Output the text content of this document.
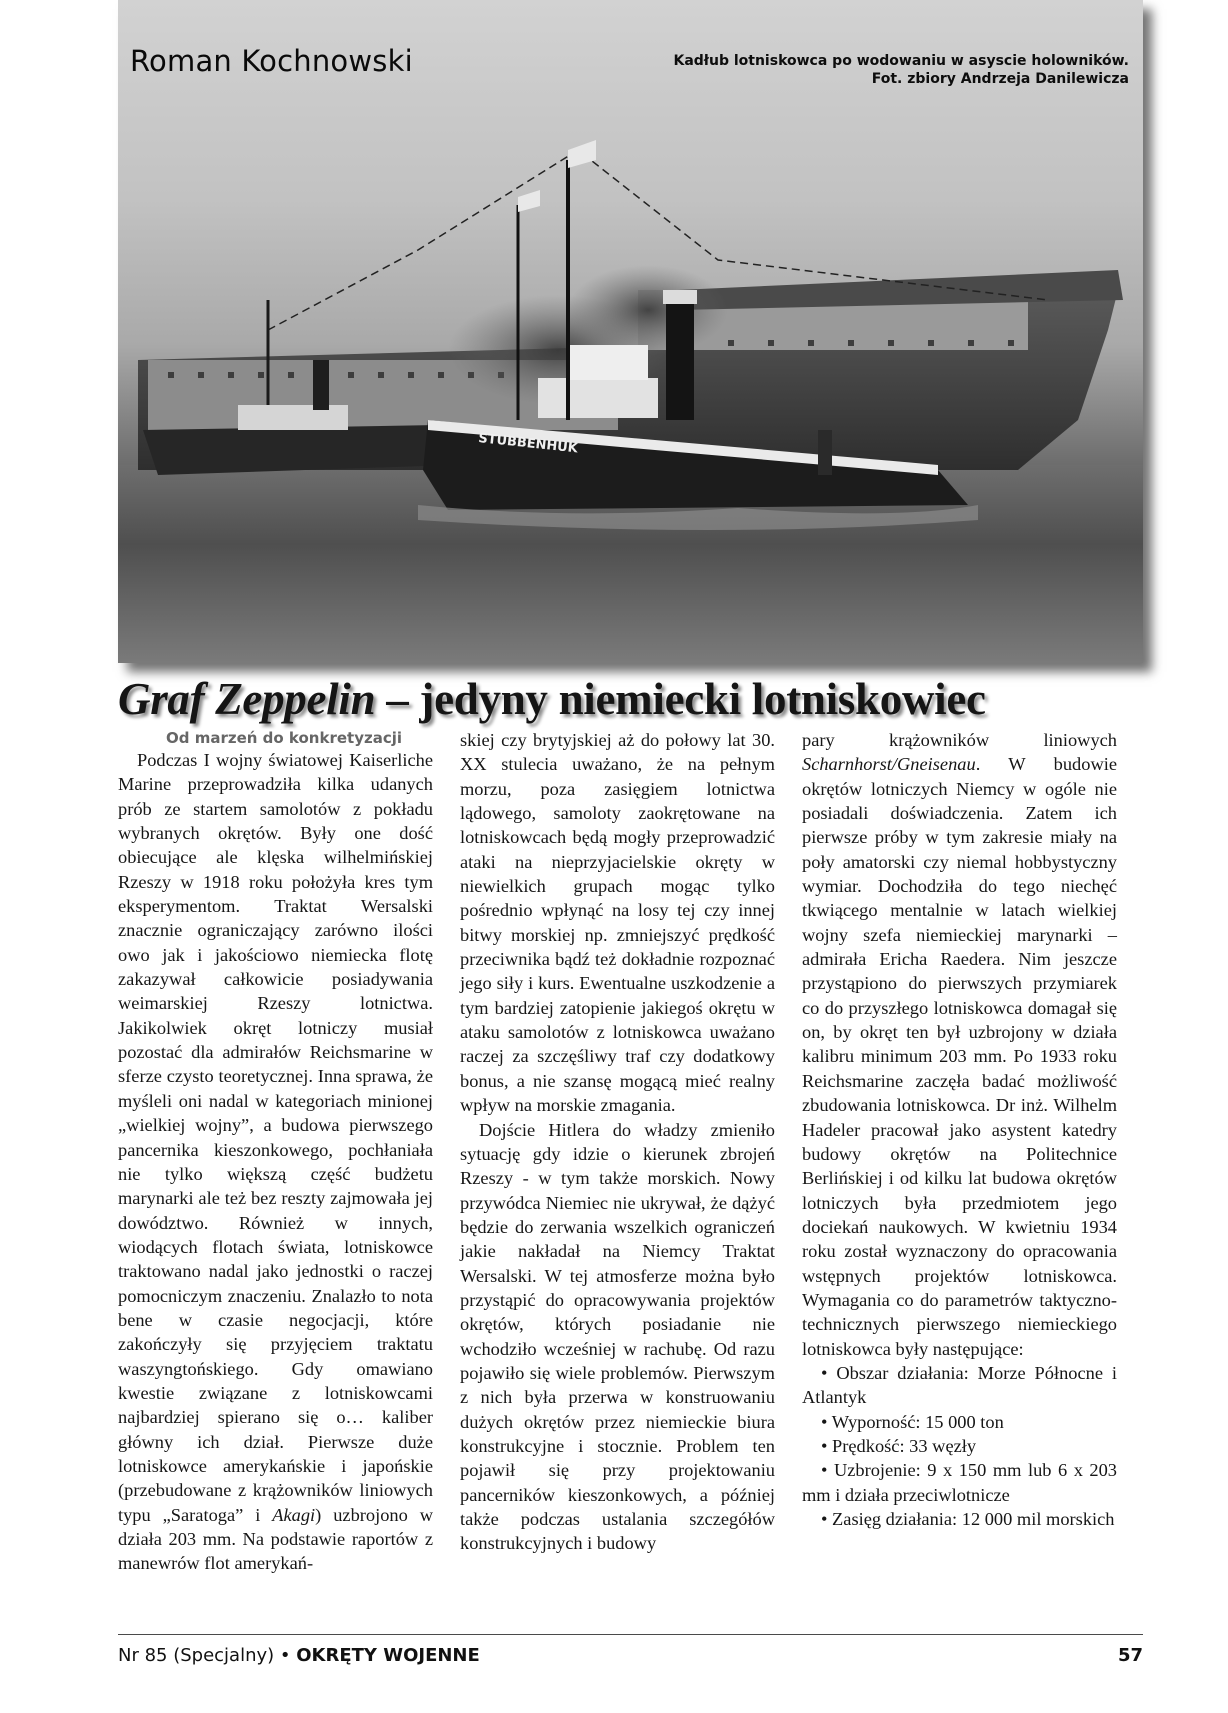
STUBBENHUK
Roman Kochnowski	Kadłub lotniskowca po wodowaniu w asyscie holowników.
Fot. zbiory Andrzeja Danilewicza
Graf Zeppelin – jedyny niemiecki lotniskowiec
Od marzeń do konkretyzacji

Podczas I wojny światowej Kaiserliche Marine przeprowadziła kilka udanych prób ze startem samolotów z pokładu wybranych okrętów. Były one dość obiecujące ale klęska wilhelmińskiej Rzeszy w 1918 roku położyła kres tym eksperymentom. Traktat Wersalski znacznie ograniczający zarówno ilości owo jak i jakościowo niemiecka flotę zakazywał całkowicie posiadywania weimarskiej Rzeszy lotnictwa. Jakikolwiek okręt lotniczy musiał pozostać dla admirałów Reichsmarine w sferze czysto teoretycznej. Inna sprawa, że myśleli oni nadal w kategoriach minionej „wielkiej wojny”, a budowa pierwszego pancernika kieszonkowego, pochłaniała nie tylko większą część budżetu marynarki ale też bez reszty zajmowała jej dowództwo. Również w innych, wiodących flotach świata, lotniskowce traktowano nadal jako jednostki o raczej pomocniczym znaczeniu. Znalazło to nota bene w czasie negocjacji, które zakończyły się przyjęciem traktatu waszyngtońskiego. Gdy omawiano kwestie związane z lotniskowcami najbardziej spierano się o… kaliber główny ich dział. Pierwsze duże lotniskowce amerykańskie i japońskie (przebudowane z krążowników liniowych typu „Saratoga” i Akagi) uzbrojono w działa 203 mm. Na podstawie raportów z manewrów flot amerykań-

skiej czy brytyjskiej aż do połowy lat 30. XX stulecia uważano, że na pełnym morzu, poza zasięgiem lotnictwa lądowego, samoloty zaokrętowane na lotniskowcach będą mogły przeprowadzić ataki na nieprzyjacielskie okręty w niewielkich grupach mogąc tylko pośrednio wpłynąć na losy tej czy innej bitwy morskiej np. zmniejszyć prędkość przeciwnika bądź też dokładnie rozpoznać jego siły i kurs. Ewentualne uszkodzenie a tym bardziej zatopienie jakiegoś okrętu w ataku samolotów z lotniskowca uważano raczej za szczęśliwy traf czy dodatkowy bonus, a nie szansę mogącą mieć realny wpływ na morskie zmagania.

Dojście Hitlera do władzy zmieniło sytuację gdy idzie o kierunek zbrojeń Rzeszy - w tym także morskich. Nowy przywódca Niemiec nie ukrywał, że dążyć będzie do zerwania wszelkich ograniczeń jakie nakładał na Niemcy Traktat Wersalski. W tej atmosferze można było przystąpić do opracowywania projektów okrętów, których posiadanie nie wchodziło wcześniej w rachubę. Od razu pojawiło się wiele problemów. Pierwszym z nich była przerwa w konstruowaniu dużych okrętów przez niemieckie biura konstrukcyjne i stocznie. Problem ten pojawił się przy projektowaniu pancerników kieszonkowych, a później także podczas ustalania szczegółów konstrukcyjnych i budowy

pary krążowników liniowych Scharnhorst/Gneisenau. W budowie okrętów lotniczych Niemcy w ogóle nie posiadali doświadczenia. Zatem ich pierwsze próby w tym zakresie miały na poły amatorski czy niemal hobbystyczny wymiar. Dochodziła do tego niechęć tkwiącego mentalnie w latach wielkiej wojny szefa niemieckiej marynarki – admirała Ericha Raedera. Nim jeszcze przystąpiono do pierwszych przymiarek co do przyszłego lotniskowca domagał się on, by okręt ten był uzbrojony w działa kalibru minimum 203 mm. Po 1933 roku Reichsmarine zaczęła badać możliwość zbudowania lotniskowca. Dr inż. Wilhelm Hadeler pracował jako asystent katedry budowy okrętów na Politechnice Berlińskiej i od kilku lat budowa okrętów lotniczych była przedmiotem jego dociekań naukowych. W kwietniu 1934 roku został wyznaczony do opracowania wstępnych projektów lotniskowca. Wymagania co do parametrów taktyczno-technicznych pierwszego niemieckiego lotniskowca były następujące:

• Obszar działania: Morze Północne i Atlantyk
• Wyporność: 15 000 ton
• Prędkość: 33 węzły
• Uzbrojenie: 9 x 150 mm lub 6 x 203 mm i działa przeciwlotnicze
• Zasięg działania: 12 000 mil morskich
Nr 85 (Specjalny) • OKRĘTY WOJENNE	57
